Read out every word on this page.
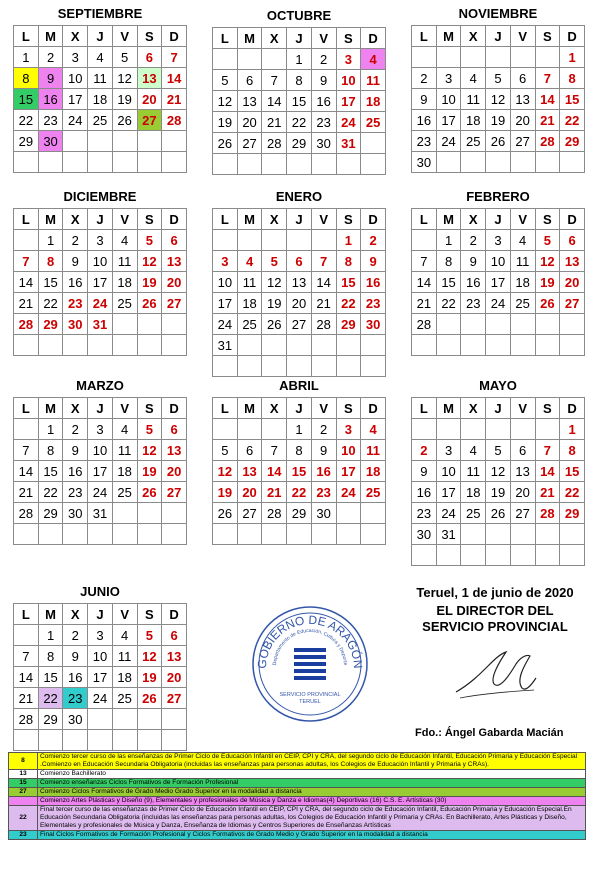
SEPTIEMBRE
L	M	X	J	V	S	D
1	2	3	4	5	6	7
8	9	10	11	12	13	14
15	16	17	18	19	20	21
22	23	24	25	26	27	28
29	30					

OCTUBRE
L	M	X	J	V	S	D
			1	2	3	4
5	6	7	8	9	10	11
12	13	14	15	16	17	18
19	20	21	22	23	24	25
26	27	28	29	30	31	

NOVIEMBRE
L	M	X	J	V	S	D
						1
2	3	4	5	6	7	8
9	10	11	12	13	14	15
16	17	18	19	20	21	22
23	24	25	26	27	28	29
30						
DICIEMBRE
L	M	X	J	V	S	D
	1	2	3	4	5	6
7	8	9	10	11	12	13
14	15	16	17	18	19	20
21	22	23	24	25	26	27
28	29	30	31			

ENERO
L	M	X	J	V	S	D
					1	2
3	4	5	6	7	8	9
10	11	12	13	14	15	16
17	18	19	20	21	22	23
24	25	26	27	28	29	30
31						

FEBRERO
L	M	X	J	V	S	D
	1	2	3	4	5	6
7	8	9	10	11	12	13
14	15	16	17	18	19	20
21	22	23	24	25	26	27
28						

MARZO
L	M	X	J	V	S	D
	1	2	3	4	5	6
7	8	9	10	11	12	13
14	15	16	17	18	19	20
21	22	23	24	25	26	27
28	29	30	31			

ABRIL
L	M	X	J	V	S	D
			1	2	3	4
5	6	7	8	9	10	11
12	13	14	15	16	17	18
19	20	21	22	23	24	25
26	27	28	29	30		

MAYO
L	M	X	J	V	S	D
						1
2	3	4	5	6	7	8
9	10	11	12	13	14	15
16	17	18	19	20	21	22
23	24	25	26	27	28	29
30	31					

JUNIO
L	M	X	J	V	S	D
	1	2	3	4	5	6
7	8	9	10	11	12	13
14	15	16	17	18	19	20
21	22	23	24	25	26	27
28	29	30				

Teruel, 1 de junio de 2020
EL DIRECTOR DEL
SERVICIO PROVINCIAL
Fdo.: Ángel Gabarda Macián
GOBIERNO DE ARAGÓN
Departamento de Educación, Cultura y Deporte
SERVICIO PROVINCIAL
TERUEL
8	Comienzo tercer curso de las enseñanzas de Primer Ciclo de Educación Infantil en CEIP, CPI y CRA, del segundo ciclo de Educación Infantil, Educación Primaria y Educación Especial .Comienzo en Educación Secundaria Obligatoria (incluidas las enseñanzas para personas adultas, los Colegios de Educación Infantil y Primaria y CRAs).
13	Comienzo Bachillerato
15	Comienzo enseñanzas Ciclos Formativos de Formación Profesional
27	Comienzo Ciclos Formativos de Grado Medio Grado Superior en la modalidad a distancia
	Comienzo Artes Plásticas y Diseño (9), Elementales y profesionales de Música y Danza e Idiomas(4) Deportivas (16) C.S. E. Artísticas (30)
22	Final tercer curso de las enseñanzas de Primer Ciclo de Educación Infantil en CEIP, CPI y CRA, del segundo ciclo de Educación Infantil, Educación Primaria y Educación Especial.En Educación Secundaria Obligatoria (incluidas las enseñanzas para personas adultas, los Colegios de Educación Infantil y Primaria y CRAs. En Bachillerato, Artes Plásticas y Diseño, Elementales y profesionales de Música y Danza, Enseñanza de Idiomas y Centros Superiores de Enseñanzas Artísticas
23	Final Ciclos Formativos de Formación Profesional y Ciclos Formativos de Grado Medio y Grado Superior en la modalidad a distancia
